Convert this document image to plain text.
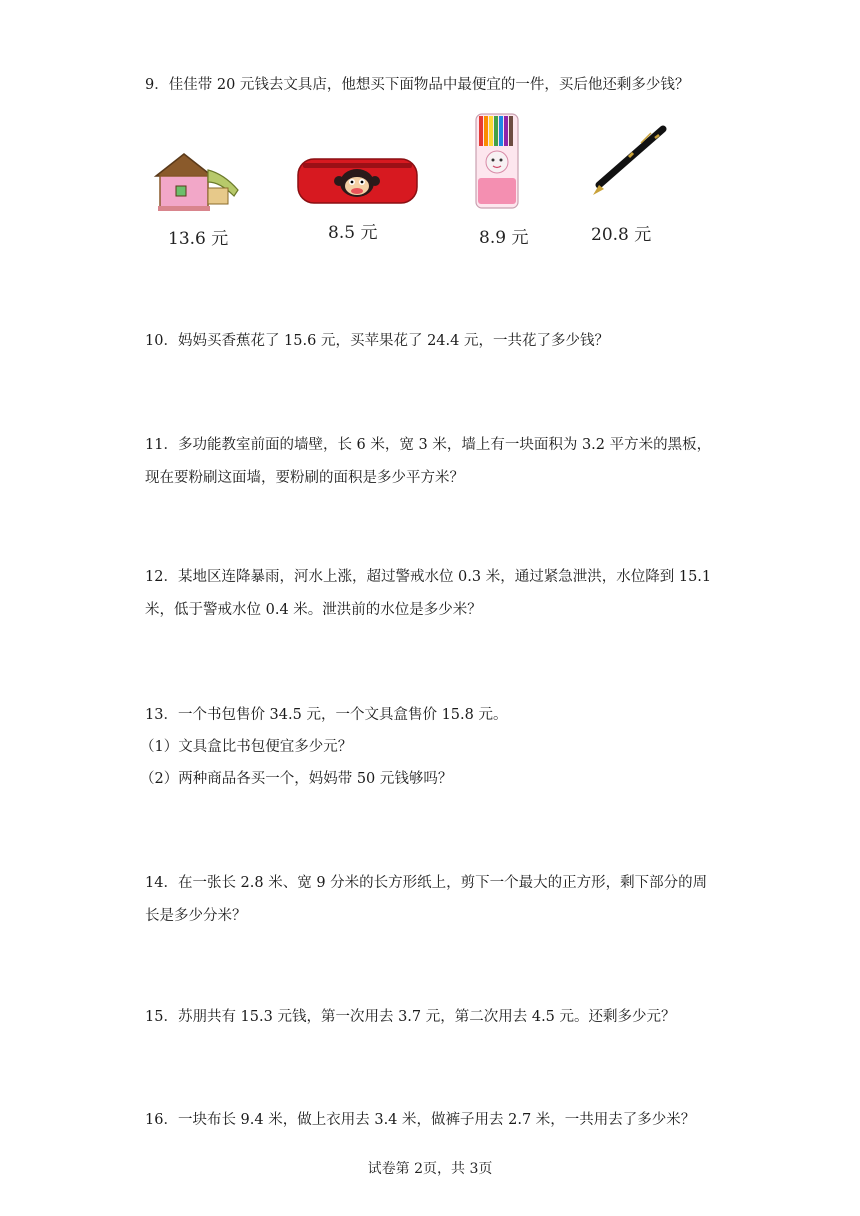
9．佳佳带 20 元钱去文具店，他想买下面物品中最便宜的一件，买后他还剩多少钱？
13.6 元	8.5 元	8.9 元	20.8 元
10．妈妈买香蕉花了 15.6 元，买苹果花了 24.4 元，一共花了多少钱？
11．多功能教室前面的墙壁，长 6 米，宽 3 米，墙上有一块面积为 3.2 平方米的黑板，
现在要粉刷这面墙，要粉刷的面积是多少平方米？
12．某地区连降暴雨，河水上涨，超过警戒水位 0.3 米，通过紧急泄洪，水位降到 15.1
米，低于警戒水位 0.4 米。泄洪前的水位是多少米？
13．一个书包售价 34.5 元，一个文具盒售价 15.8 元。
（1）文具盒比书包便宜多少元？
（2）两种商品各买一个，妈妈带 50 元钱够吗？
14．在一张长 2.8 米、宽 9 分米的长方形纸上，剪下一个最大的正方形，剩下部分的周
长是多少分米？
15．苏朋共有 15.3 元钱，第一次用去 3.7 元，第二次用去 4.5 元。还剩多少元？
16．一块布长 9.4 米，做上衣用去 3.4 米，做裤子用去 2.7 米，一共用去了多少米？
试卷第 2页，共 3页
